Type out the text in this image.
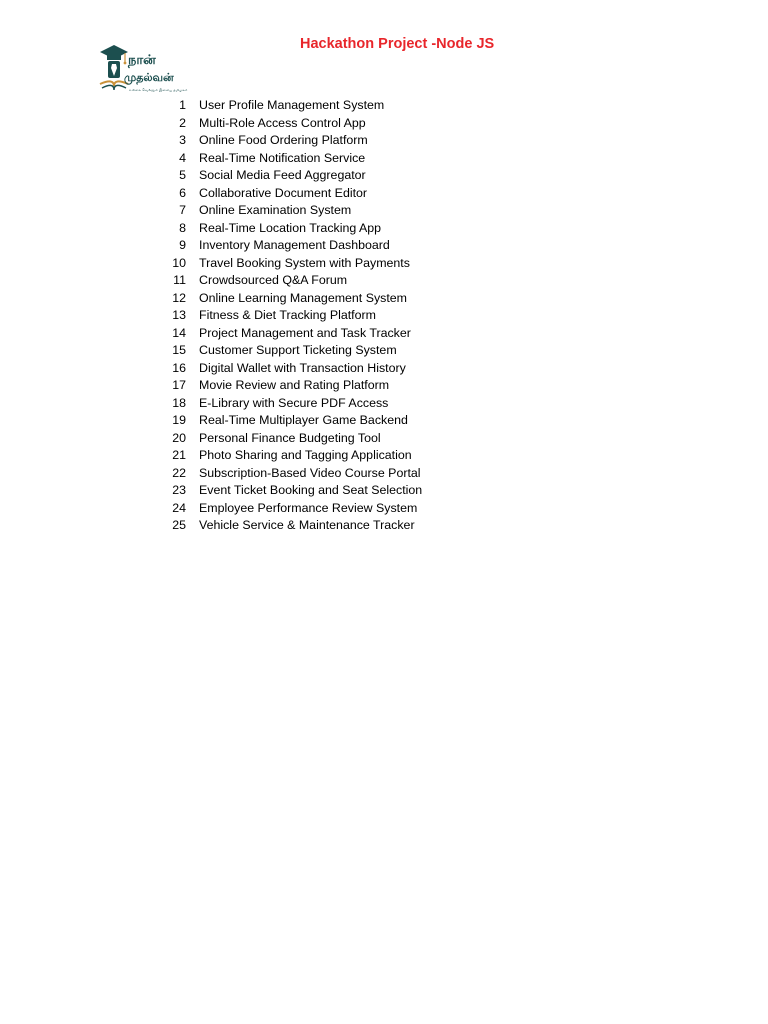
நான்
முதல்வன்
உலகை வெல்லும் இளைய தமிழகம்
Hackathon Project -Node JS
1	User Profile Management System
2	Multi-Role Access Control App
3	Online Food Ordering Platform
4	Real-Time Notification Service
5	Social Media Feed Aggregator
6	Collaborative Document Editor
7	Online Examination System
8	Real-Time Location Tracking App
9	Inventory Management Dashboard
10	Travel Booking System with Payments
11	Crowdsourced Q&A Forum
12	Online Learning Management System
13	Fitness & Diet Tracking Platform
14	Project Management and Task Tracker
15	Customer Support Ticketing System
16	Digital Wallet with Transaction History
17	Movie Review and Rating Platform
18	E-Library with Secure PDF Access
19	Real-Time Multiplayer Game Backend
20	Personal Finance Budgeting Tool
21	Photo Sharing and Tagging Application
22	Subscription-Based Video Course Portal
23	Event Ticket Booking and Seat Selection
24	Employee Performance Review System
25	Vehicle Service & Maintenance Tracker
